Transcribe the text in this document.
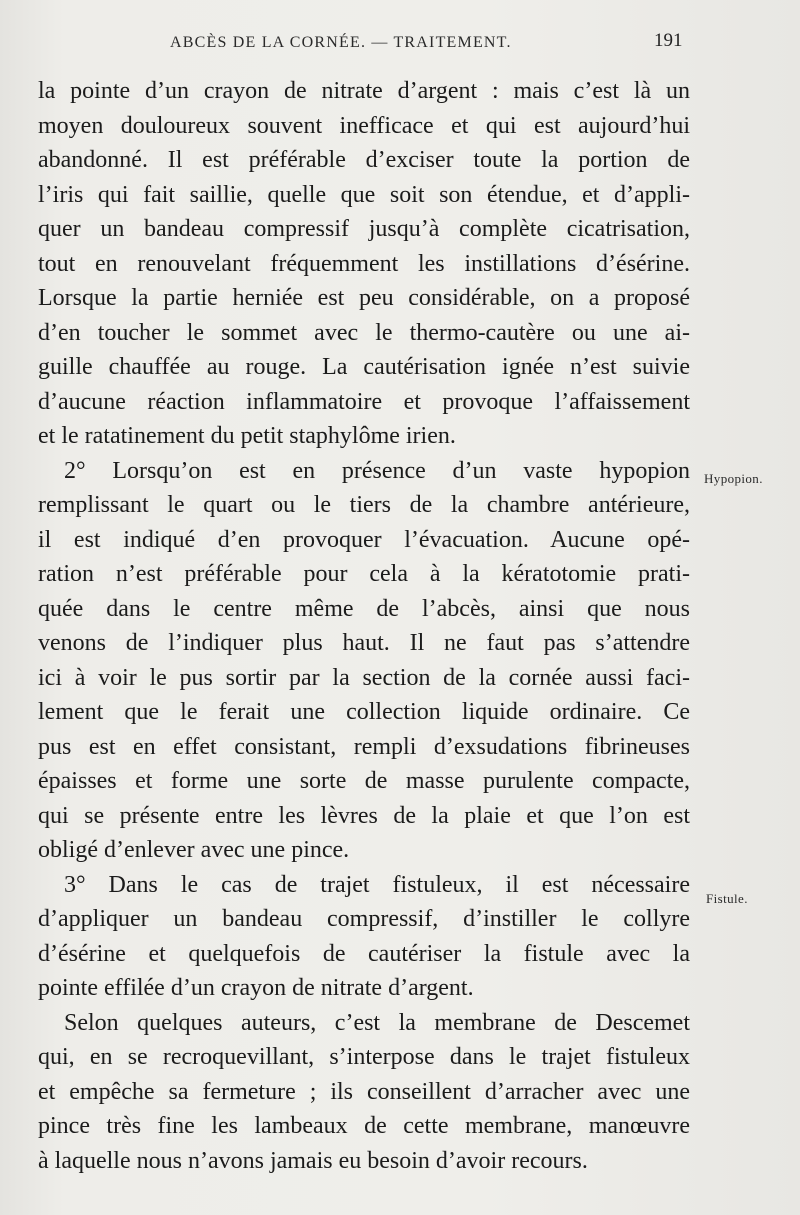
ABCÈS DE LA CORNÉE. — TRAITEMENT.	191
la pointe d’un crayon de nitrate d’argent : mais c’est là un
moyen douloureux souvent inefficace et qui est aujourd’hui
abandonné. Il est préférable d’exciser toute la portion de
l’iris qui fait saillie, quelle que soit son étendue, et d’appli-
quer un bandeau compressif jusqu’à complète cicatrisation,
tout en renouvelant fréquemment les instillations d’ésérine.
Lorsque la partie herniée est peu considérable, on a proposé
d’en toucher le sommet avec le thermo-cautère ou une ai-
guille chauffée au rouge. La cautérisation ignée n’est suivie
d’aucune réaction inflammatoire et provoque l’affaissement
et le ratatinement du petit staphylôme irien.
2° Lorsqu’on est en présence d’un vaste hypopion
remplissant le quart ou le tiers de la chambre antérieure,
il est indiqué d’en provoquer l’évacuation. Aucune opé-
ration n’est préférable pour cela à la kératotomie prati-
quée dans le centre même de l’abcès, ainsi que nous
venons de l’indiquer plus haut. Il ne faut pas s’attendre
ici à voir le pus sortir par la section de la cornée aussi faci-
lement que le ferait une collection liquide ordinaire. Ce
pus est en effet consistant, rempli d’exsudations fibrineuses
épaisses et forme une sorte de masse purulente compacte,
qui se présente entre les lèvres de la plaie et que l’on est
obligé d’enlever avec une pince.
3° Dans le cas de trajet fistuleux, il est nécessaire
d’appliquer un bandeau compressif, d’instiller le collyre
d’ésérine et quelquefois de cautériser la fistule avec la
pointe effilée d’un crayon de nitrate d’argent.
Selon quelques auteurs, c’est la membrane de Descemet
qui, en se recroquevillant, s’interpose dans le trajet fistuleux
et empêche sa fermeture ; ils conseillent d’arracher avec une
pince très fine les lambeaux de cette membrane, manœuvre
à laquelle nous n’avons jamais eu besoin d’avoir recours.
Hypopion.
Fistule.
